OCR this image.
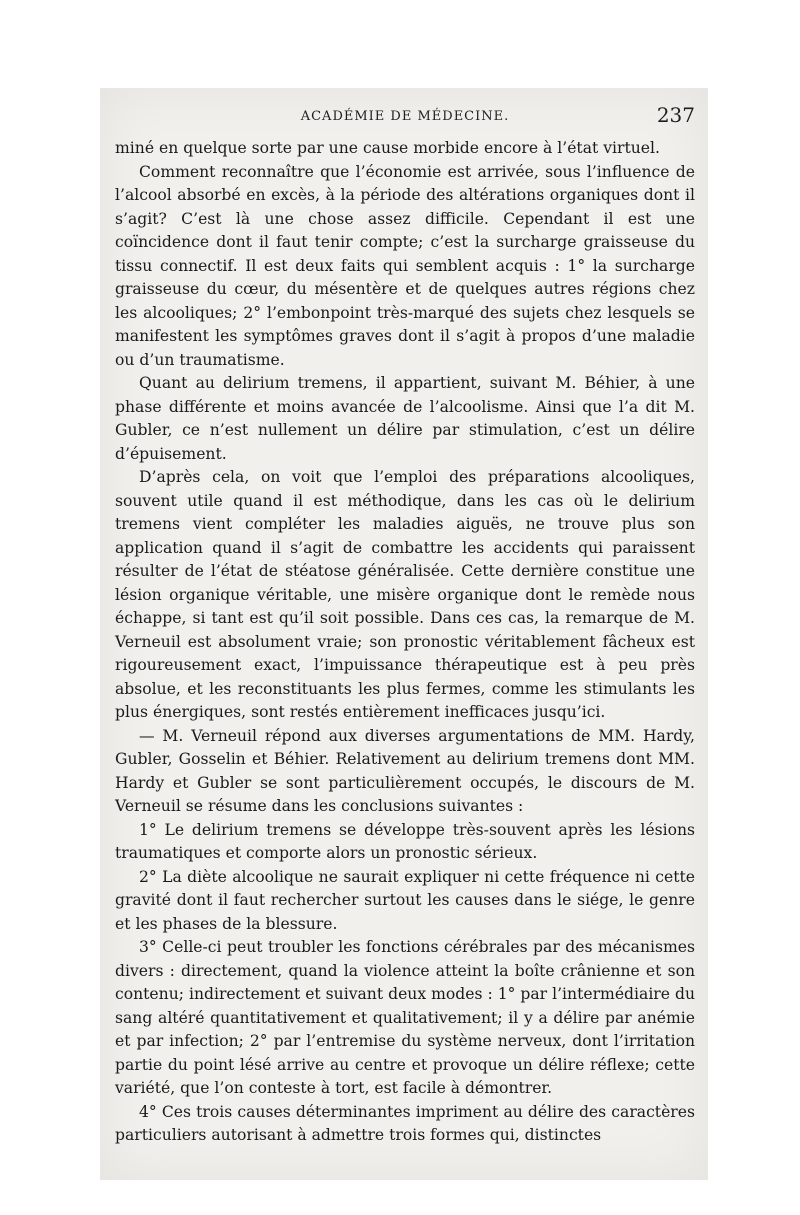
ACADÉMIE DE MÉDECINE.	237

miné en quelque sorte par une cause morbide encore à l’état virtuel.

Comment reconnaître que l’économie est arrivée, sous l’influence de l’alcool absorbé en excès, à la période des altérations organiques dont il s’agit? C’est là une chose assez difficile. Cependant il est une coïncidence dont il faut tenir compte; c’est la surcharge graisseuse du tissu connectif. Il est deux faits qui semblent acquis : 1° la surcharge graisseuse du cœur, du mésentère et de quelques autres régions chez les alcooliques; 2° l’embonpoint très-marqué des sujets chez lesquels se manifestent les symptômes graves dont il s’agit à propos d’une maladie ou d’un traumatisme.

Quant au delirium tremens, il appartient, suivant M. Béhier, à une phase différente et moins avancée de l’alcoolisme. Ainsi que l’a dit M. Gubler, ce n’est nullement un délire par stimulation, c’est un délire d’épuisement.

D’après cela, on voit que l’emploi des préparations alcooliques, souvent utile quand il est méthodique, dans les cas où le delirium tremens vient compléter les maladies aiguës, ne trouve plus son application quand il s’agit de combattre les accidents qui paraissent résulter de l’état de stéatose généralisée. Cette dernière constitue une lésion organique véritable, une misère organique dont le remède nous échappe, si tant est qu’il soit possible. Dans ces cas, la remarque de M. Verneuil est absolument vraie; son pronostic véritablement fâcheux est rigoureusement exact, l’impuissance thérapeutique est à peu près absolue, et les reconstituants les plus fermes, comme les stimulants les plus énergiques, sont restés entièrement inefficaces jusqu’ici.

— M. Verneuil répond aux diverses argumentations de MM. Hardy, Gubler, Gosselin et Béhier. Relativement au delirium tremens dont MM. Hardy et Gubler se sont particulièrement occupés, le discours de M. Verneuil se résume dans les conclusions suivantes :

1° Le delirium tremens se développe très-souvent après les lésions traumatiques et comporte alors un pronostic sérieux.

2° La diète alcoolique ne saurait expliquer ni cette fréquence ni cette gravité dont il faut rechercher surtout les causes dans le siége, le genre et les phases de la blessure.

3° Celle-ci peut troubler les fonctions cérébrales par des mécanismes divers : directement, quand la violence atteint la boîte crânienne et son contenu; indirectement et suivant deux modes : 1° par l’intermédiaire du sang altéré quantitativement et qualitativement; il y a délire par anémie et par infection; 2° par l’entremise du système nerveux, dont l’irritation partie du point lésé arrive au centre et provoque un délire réflexe; cette variété, que l’on conteste à tort, est facile à démontrer.

4° Ces trois causes déterminantes impriment au délire des caractères particuliers autorisant à admettre trois formes qui, distinctes
